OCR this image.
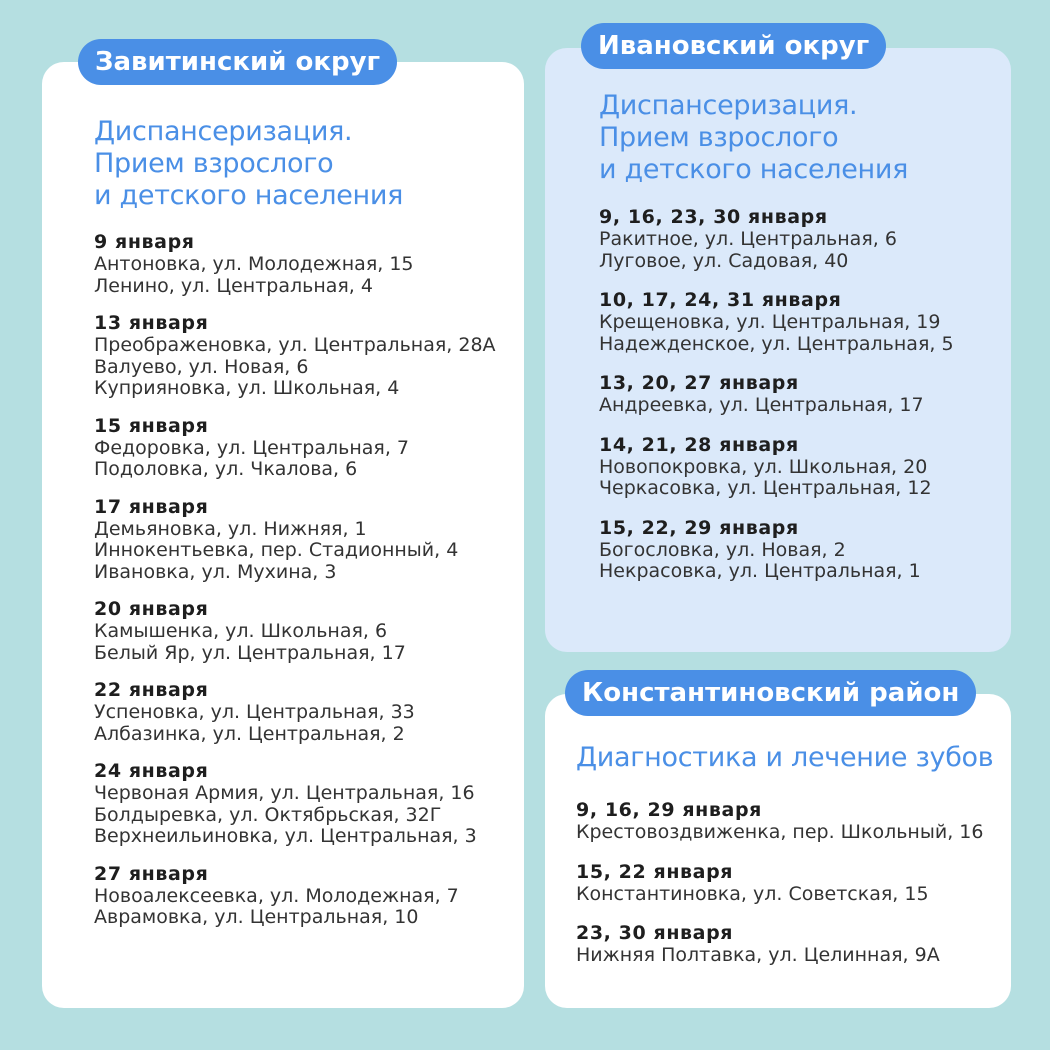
Диспансеризация.
Прием взрослого
и детского населения
9 января
Антоновка, ул. Молодежная, 15
Ленино, ул. Центральная, 4
13 января
Преображеновка, ул. Центральная, 28А
Валуево, ул. Новая, 6
Куприяновка, ул. Школьная, 4
15 января
Федоровка, ул. Центральная, 7
Подоловка, ул. Чкалова, 6
17 января
Демьяновка, ул. Нижняя, 1
Иннокентьевка, пер. Стадионный, 4
Ивановка, ул. Мухина, 3
20 января
Камышенка, ул. Школьная, 6
Белый Яр, ул. Центральная, 17
22 января
Успеновка, ул. Центральная, 33
Албазинка, ул. Центральная, 2
24 января
Червоная Армия, ул. Центральная, 16
Болдыревка, ул. Октябрьская, 32Г
Верхнеильиновка, ул. Центральная, 3
27 января
Новоалексеевка, ул. Молодежная, 7
Аврамовка, ул. Центральная, 10
Завитинский округ
Диспансеризация.
Прием взрослого
и детского населения
9, 16, 23, 30 января
Ракитное, ул. Центральная, 6
Луговое, ул. Садовая, 40
10, 17, 24, 31 января
Крещеновка, ул. Центральная, 19
Надежденское, ул. Центральная, 5
13, 20, 27 января
Андреевка, ул. Центральная, 17
14, 21, 28 января
Новопокровка, ул. Школьная, 20
Черкасовка, ул. Центральная, 12
15, 22, 29 января
Богословка, ул. Новая, 2
Некрасовка, ул. Центральная, 1
Ивановский округ
Диагностика и лечение зубов
9, 16, 29 января
Крестовоздвиженка, пер. Школьный, 16
15, 22 января
Константиновка, ул. Советская, 15
23, 30 января
Нижняя Полтавка, ул. Целинная, 9А
Константиновский район
